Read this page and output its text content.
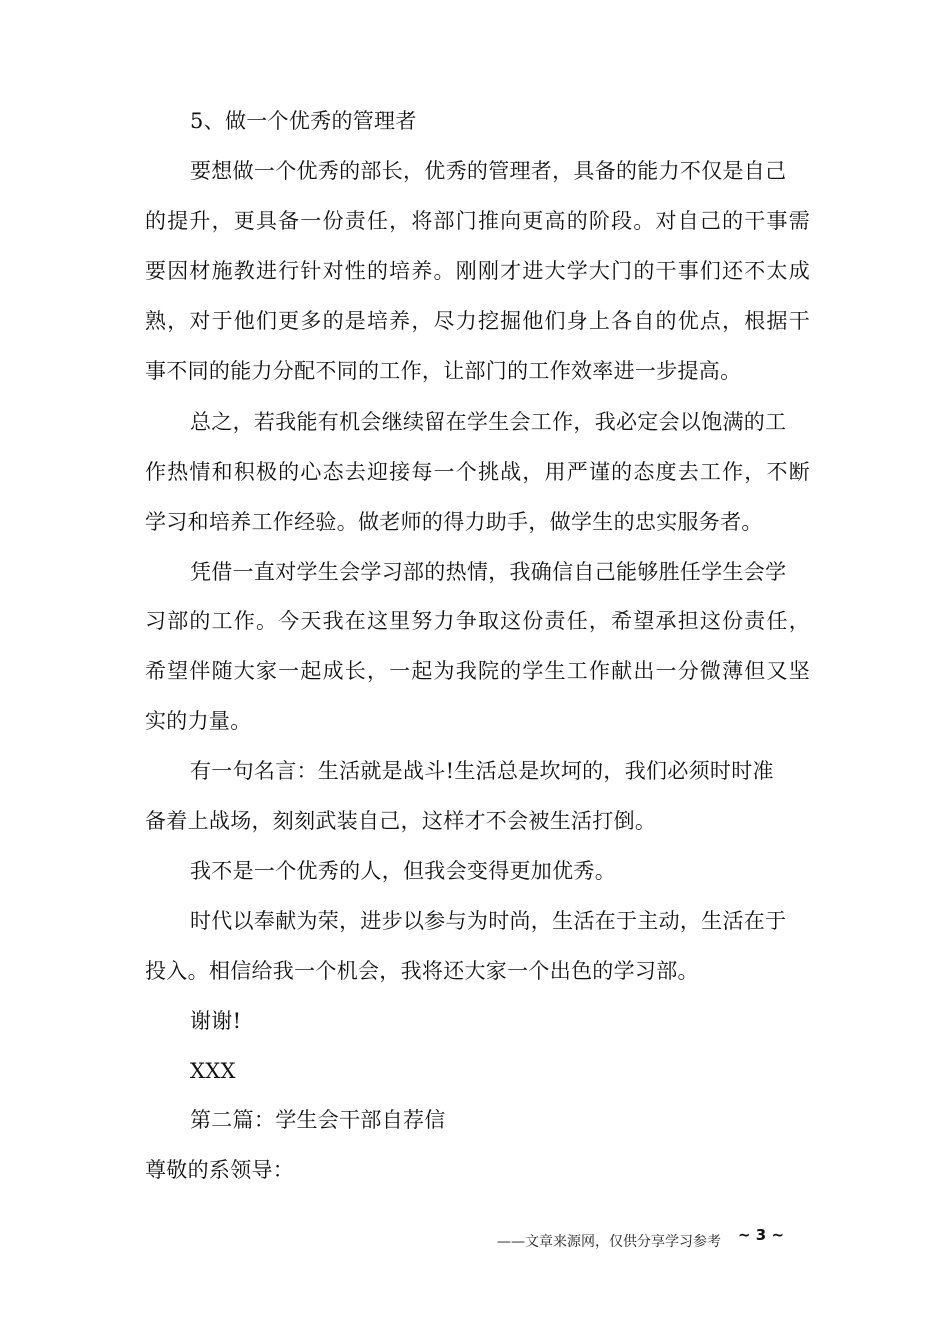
5、做一个优秀的管理者
要想做一个优秀的部长，优秀的管理者，具备的能力不仅是自己
的提升，更具备一份责任，将部门推向更高的阶段。对自己的干事需
要因材施教进行针对性的培养。刚刚才进大学大门的干事们还不太成
熟，对于他们更多的是培养，尽力挖掘他们身上各自的优点，根据干
事不同的能力分配不同的工作，让部门的工作效率进一步提高。
总之，若我能有机会继续留在学生会工作，我必定会以饱满的工
作热情和积极的心态去迎接每一个挑战，用严谨的态度去工作，不断
学习和培养工作经验。做老师的得力助手，做学生的忠实服务者。
凭借一直对学生会学习部的热情，我确信自己能够胜任学生会学
习部的工作。今天我在这里努力争取这份责任，希望承担这份责任，
希望伴随大家一起成长，一起为我院的学生工作献出一分微薄但又坚
实的力量。
有一句名言：生活就是战斗!生活总是坎坷的，我们必须时时准
备着上战场，刻刻武装自己，这样才不会被生活打倒。
我不是一个优秀的人，但我会变得更加优秀。
时代以奉献为荣，进步以参与为时尚，生活在于主动，生活在于
投入。相信给我一个机会，我将还大家一个出色的学习部。
谢谢!
XXX
第二篇：学生会干部自荐信
尊敬的系领导：
——文章来源网，仅供分享学习参考 ~ 3 ~
